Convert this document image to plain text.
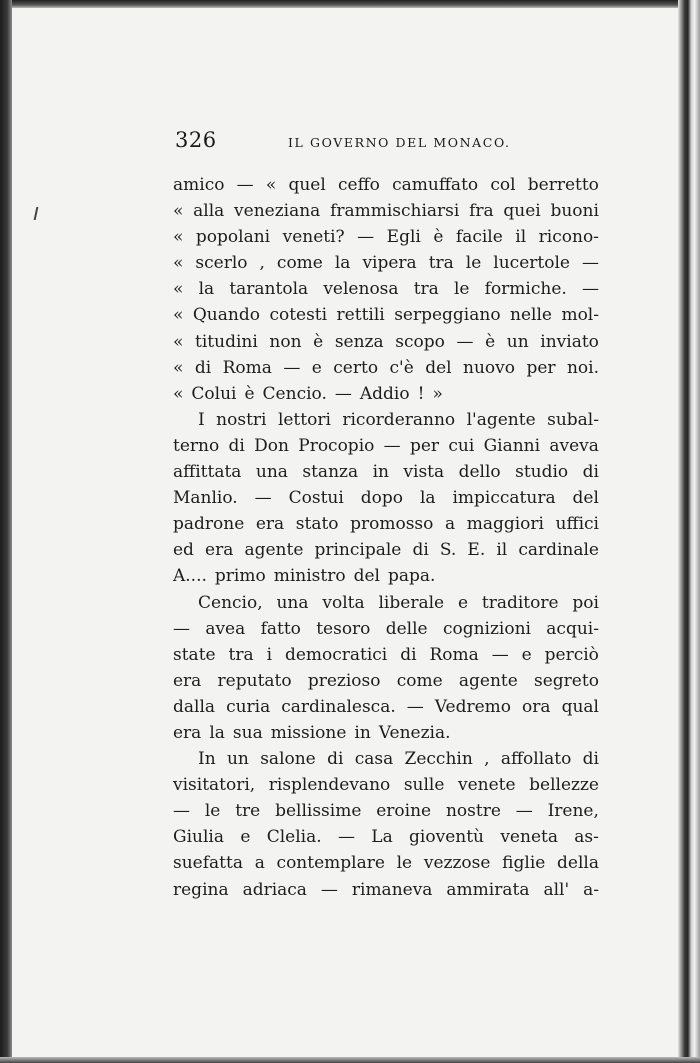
326	IL GOVERNO DEL MONACO.
amico — « quel ceffo camuffato col berretto
« alla veneziana frammischiarsi fra quei buoni
« popolani veneti? — Egli è facile il ricono-
« scerlo , come la vipera tra le lucertole —
« la tarantola velenosa tra le formiche. —
« Quando cotesti rettili serpeggiano nelle mol-
« titudini non è senza scopo — è un inviato
« di Roma — e certo c'è del nuovo per noi.
« Colui è Cencio. — Addio ! »
I nostri lettori ricorderanno l'agente subal-
terno di Don Procopio — per cui Gianni aveva
affittata una stanza in vista dello studio di
Manlio. — Costui dopo la impiccatura del
padrone era stato promosso a maggiori uffici
ed era agente principale di S. E. il cardinale
A.... primo ministro del papa.
Cencio, una volta liberale e traditore poi
— avea fatto tesoro delle cognizioni acqui-
state tra i democratici di Roma — e perciò
era reputato prezioso come agente segreto
dalla curia cardinalesca. — Vedremo ora qual
era la sua missione in Venezia.
In un salone di casa Zecchin , affollato di
visitatori, risplendevano sulle venete bellezze
— le tre bellissime eroine nostre — Irene,
Giulia e Clelia. — La gioventù veneta as-
suefatta a contemplare le vezzose figlie della
regina adriaca — rimaneva ammirata all' a-
